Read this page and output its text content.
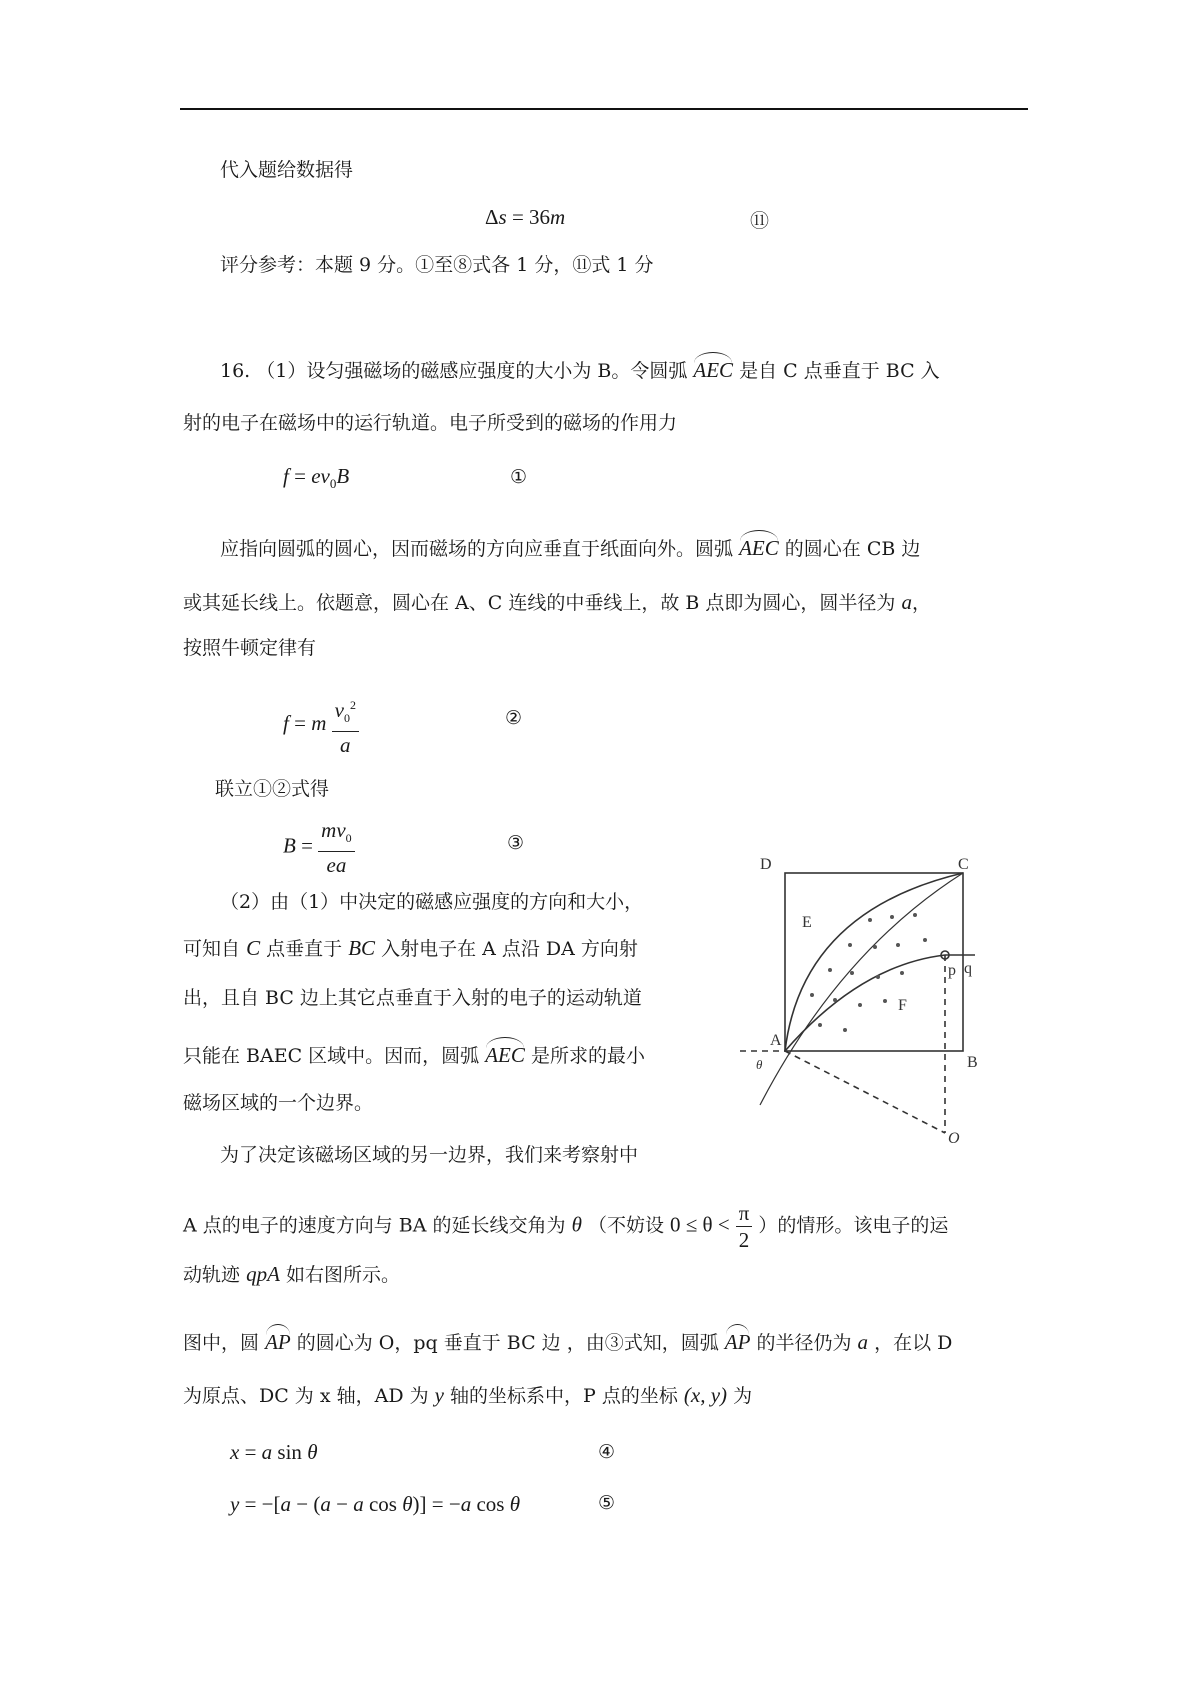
代入题给数据得
Δs = 36m	⑪
评分参考：本题 9 分。①至⑧式各 1 分，⑪式 1 分
16. （1）设匀强磁场的磁感应强度的大小为 B。令圆弧 AEC 是自 C 点垂直于 BC 入
射的电子在磁场中的运行轨道。电子所受到的磁场的作用力
$f = ev_0B$	①
应指向圆弧的圆心，因而磁场的方向应垂直于纸面向外。圆弧 AEC 的圆心在 CB 边
或其延长线上。依题意，圆心在 A、C 连线的中垂线上，故 B 点即为圆心，圆半径为 a，
按照牛顿定律有
f = m $\frac{v_0^2}{a}$	②
联立①②式得
$B = \frac{mv_0}{ea}$	③
（2）由（1）中决定的磁感应强度的方向和大小，
可知自 C 点垂直于 BC 入射电子在 A 点沿 DA 方向射
出，且自 BC 边上其它点垂直于入射的电子的运动轨道
只能在 BAEC 区域中。因而，圆弧 AEC 是所求的最小
磁场区域的一个边界。
为了决定该磁场区域的另一边界，我们来考察射中
A 点的电子的速度方向与 BA 的延长线交角为 θ （不妨设 $0 \le \theta < \frac{\pi}{2}$ ）的情形。该电子的运
动轨迹 qpA 如右图所示。
图中，圆 AP 的圆心为 O，pq 垂直于 BC 边 ，由③式知，圆弧 AP 的半径仍为 a ，在以 D
为原点、DC 为 x 轴，AD 为 y 轴的坐标系中，P 点的坐标 (x, y) 为
x = a sin θ	④
y = −[a − (a − a cos θ)] = −a cos θ	⑤
D	C
E
F
A
B
p q
θ
O
